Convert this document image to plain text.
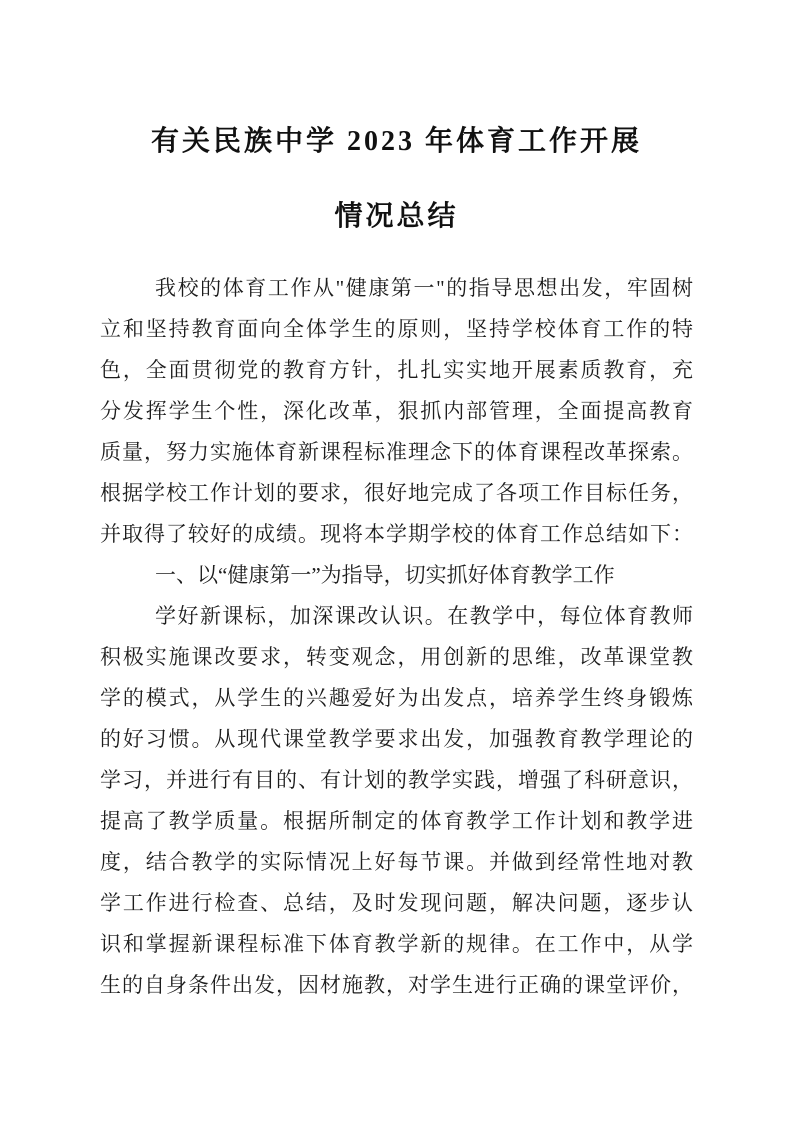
有关民族中学 2023 年体育工作开展
情况总结
我校的体育工作从"健康第一"的指导思想出发，牢固树
立和坚持教育面向全体学生的原则，坚持学校体育工作的特
色，全面贯彻党的教育方针，扎扎实实地开展素质教育，充
分发挥学生个性，深化改革，狠抓内部管理，全面提高教育
质量，努力实施体育新课程标准理念下的体育课程改革探索。
根据学校工作计划的要求，很好地完成了各项工作目标任务，
并取得了较好的成绩。现将本学期学校的体育工作总结如下：
一、以“健康第一”为指导，切实抓好体育教学工作
学好新课标，加深课改认识。在教学中，每位体育教师
积极实施课改要求，转变观念，用创新的思维，改革课堂教
学的模式，从学生的兴趣爱好为出发点，培养学生终身锻炼
的好习惯。从现代课堂教学要求出发，加强教育教学理论的
学习，并进行有目的、有计划的教学实践，增强了科研意识，
提高了教学质量。根据所制定的体育教学工作计划和教学进
度，结合教学的实际情况上好每节课。并做到经常性地对教
学工作进行检查、总结，及时发现问题，解决问题，逐步认
识和掌握新课程标准下体育教学新的规律。在工作中，从学
生的自身条件出发，因材施教，对学生进行正确的课堂评价，
